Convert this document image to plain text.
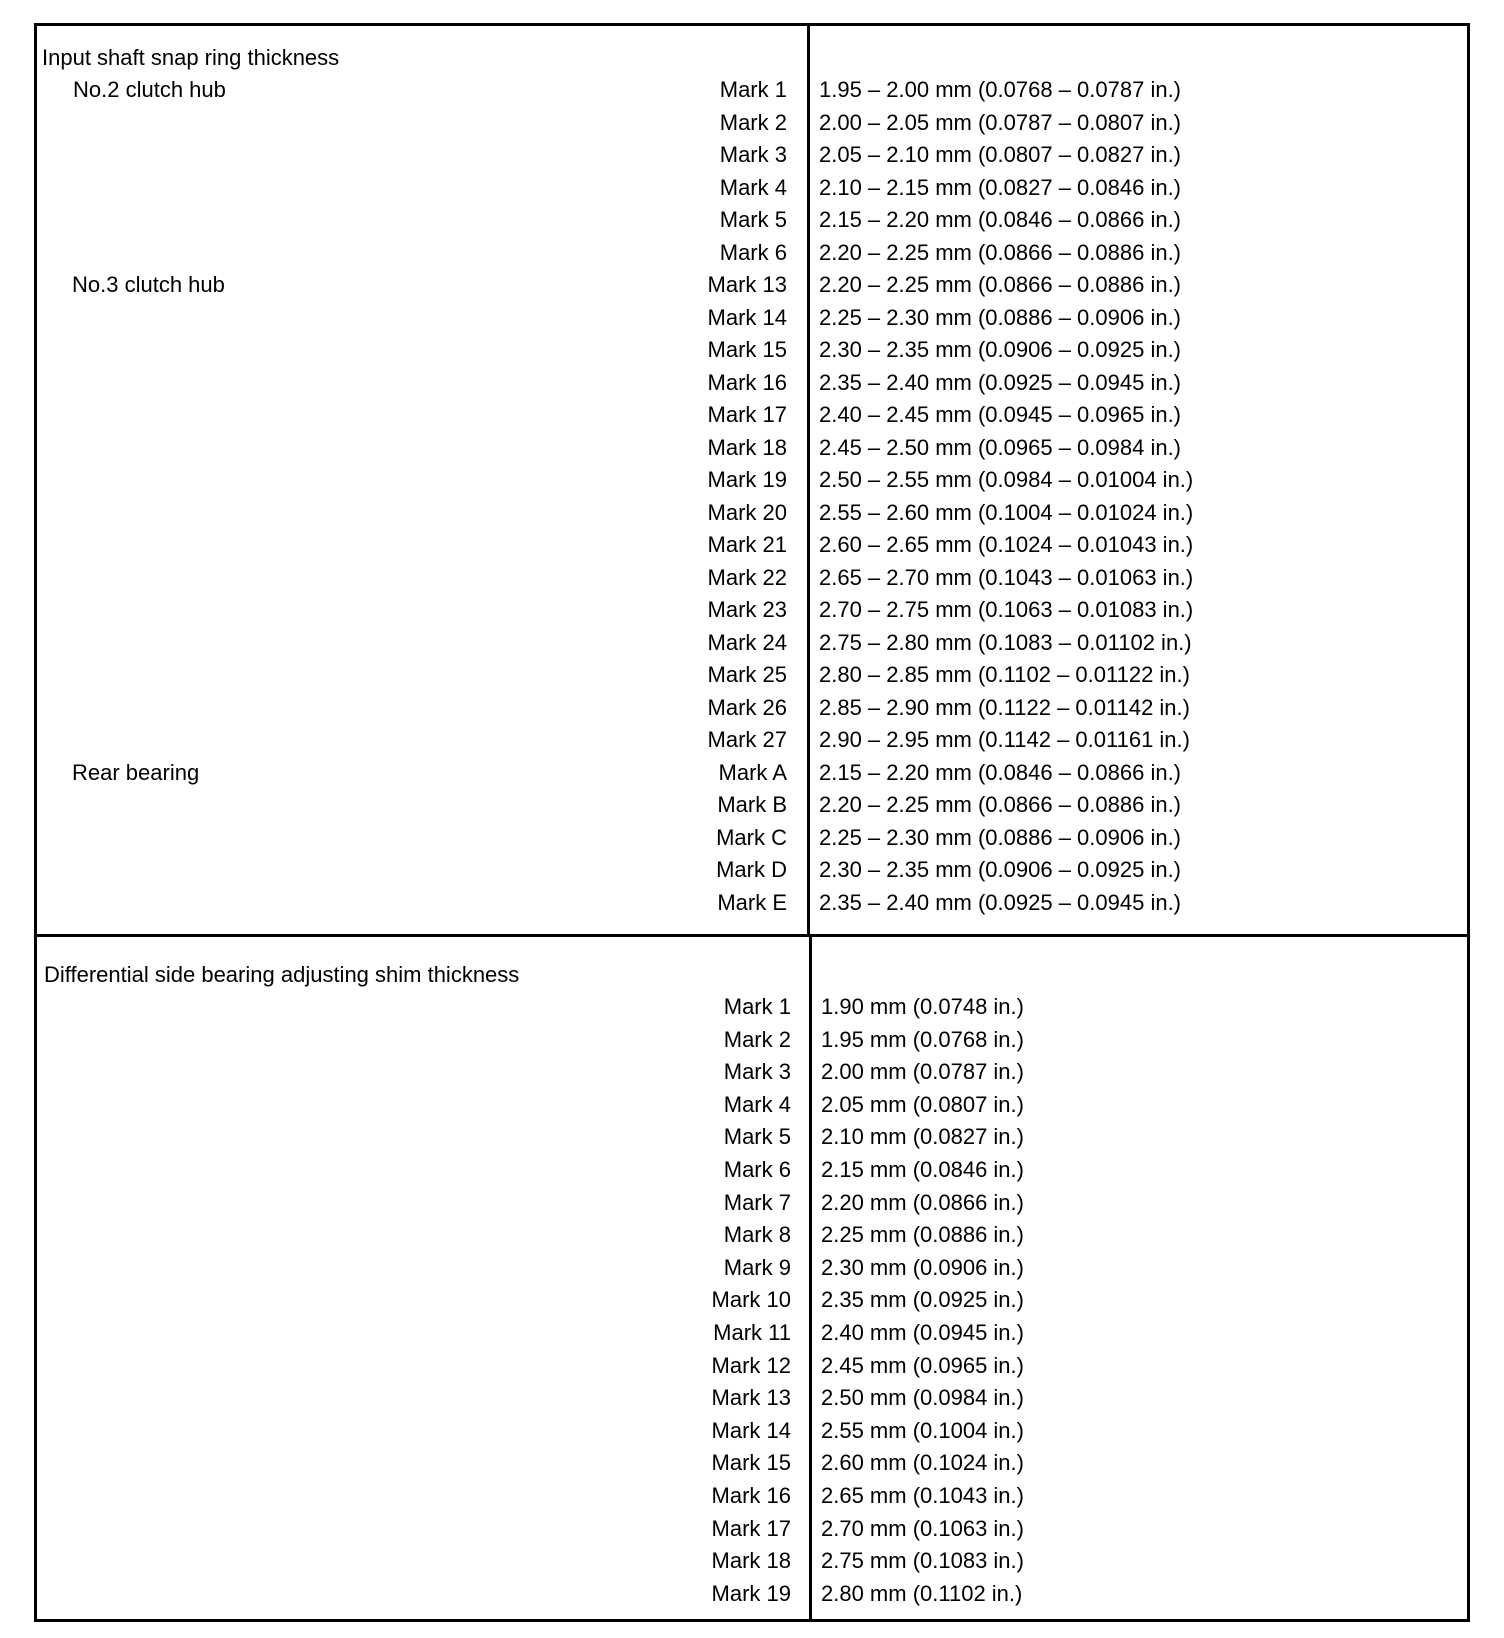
Input shaft snap ring thickness
No.2 clutch hub	Mark 1 1.95 – 2.00 mm (0.0768 – 0.0787 in.)
Mark 2 2.00 – 2.05 mm (0.0787 – 0.0807 in.)
Mark 3 2.05 – 2.10 mm (0.0807 – 0.0827 in.)
Mark 4 2.10 – 2.15 mm (0.0827 – 0.0846 in.)
Mark 5 2.15 – 2.20 mm (0.0846 – 0.0866 in.)
Mark 6 2.20 – 2.25 mm (0.0866 – 0.0886 in.)
No.3 clutch hub	Mark 13 2.20 – 2.25 mm (0.0866 – 0.0886 in.)
Mark 14 2.25 – 2.30 mm (0.0886 – 0.0906 in.)
Mark 15 2.30 – 2.35 mm (0.0906 – 0.0925 in.)
Mark 16 2.35 – 2.40 mm (0.0925 – 0.0945 in.)
Mark 17 2.40 – 2.45 mm (0.0945 – 0.0965 in.)
Mark 18 2.45 – 2.50 mm (0.0965 – 0.0984 in.)
Mark 19 2.50 – 2.55 mm (0.0984 – 0.01004 in.)
Mark 20 2.55 – 2.60 mm (0.1004 – 0.01024 in.)
Mark 21 2.60 – 2.65 mm (0.1024 – 0.01043 in.)
Mark 22 2.65 – 2.70 mm (0.1043 – 0.01063 in.)
Mark 23 2.70 – 2.75 mm (0.1063 – 0.01083 in.)
Mark 24 2.75 – 2.80 mm (0.1083 – 0.01102 in.)
Mark 25 2.80 – 2.85 mm (0.1102 – 0.01122 in.)
Mark 26 2.85 – 2.90 mm (0.1122 – 0.01142 in.)
Mark 27 2.90 – 2.95 mm (0.1142 – 0.01161 in.)
Rear bearing	Mark A 2.15 – 2.20 mm (0.0846 – 0.0866 in.)
Mark B 2.20 – 2.25 mm (0.0866 – 0.0886 in.)
Mark C 2.25 – 2.30 mm (0.0886 – 0.0906 in.)
Mark D 2.30 – 2.35 mm (0.0906 – 0.0925 in.)
Mark E 2.35 – 2.40 mm (0.0925 – 0.0945 in.)
Differential side bearing adjusting shim thickness
Mark 1 1.90 mm (0.0748 in.)
Mark 2 1.95 mm (0.0768 in.)
Mark 3 2.00 mm (0.0787 in.)
Mark 4 2.05 mm (0.0807 in.)
Mark 5 2.10 mm (0.0827 in.)
Mark 6 2.15 mm (0.0846 in.)
Mark 7 2.20 mm (0.0866 in.)
Mark 8 2.25 mm (0.0886 in.)
Mark 9 2.30 mm (0.0906 in.)
Mark 10 2.35 mm (0.0925 in.)
Mark 11 2.40 mm (0.0945 in.)
Mark 12 2.45 mm (0.0965 in.)
Mark 13 2.50 mm (0.0984 in.)
Mark 14 2.55 mm (0.1004 in.)
Mark 15 2.60 mm (0.1024 in.)
Mark 16 2.65 mm (0.1043 in.)
Mark 17 2.70 mm (0.1063 in.)
Mark 18 2.75 mm (0.1083 in.)
Mark 19 2.80 mm (0.1102 in.)
